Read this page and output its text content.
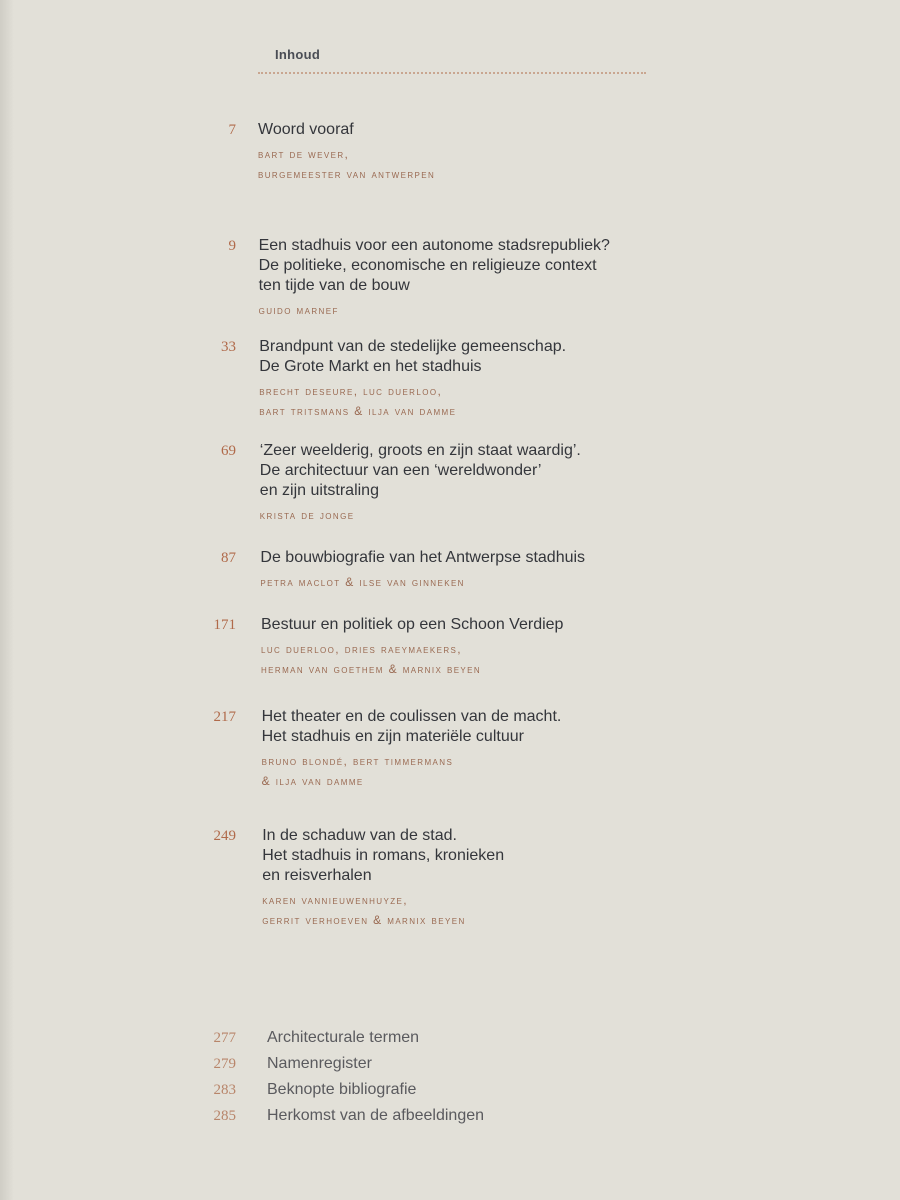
Inhoud
7 Woord vooraf
bart de wever,
burgemeester van antwerpen
9 Een stadhuis voor een autonome stadsrepubliek?
De politieke, economische en religieuze context
ten tijde van de bouw
guido marnef
33 Brandpunt van de stedelijke gemeenschap.
De Grote Markt en het stadhuis
brecht deseure, luc duerloo,
bart tritsmans & ilja van damme
69 ‘Zeer weelderig, groots en zijn staat waardig’.
De architectuur van een ‘wereldwonder’
en zijn uitstraling
krista de jonge
87 De bouwbiografie van het Antwerpse stadhuis
petra maclot & ilse van ginneken
171 Bestuur en politiek op een Schoon Verdiep
luc duerloo, dries raeymaekers,
herman van goethem & marnix beyen
217 Het theater en de coulissen van de macht.
Het stadhuis en zijn materiële cultuur
bruno blondé, bert timmermans
& ilja van damme
249 In de schaduw van de stad.
Het stadhuis in romans, kronieken
en reisverhalen
karen vannieuwenhuyze,
gerrit verhoeven & marnix beyen
277 Architecturale termen
279 Namenregister
283 Beknopte bibliografie
285 Herkomst van de afbeeldingen
